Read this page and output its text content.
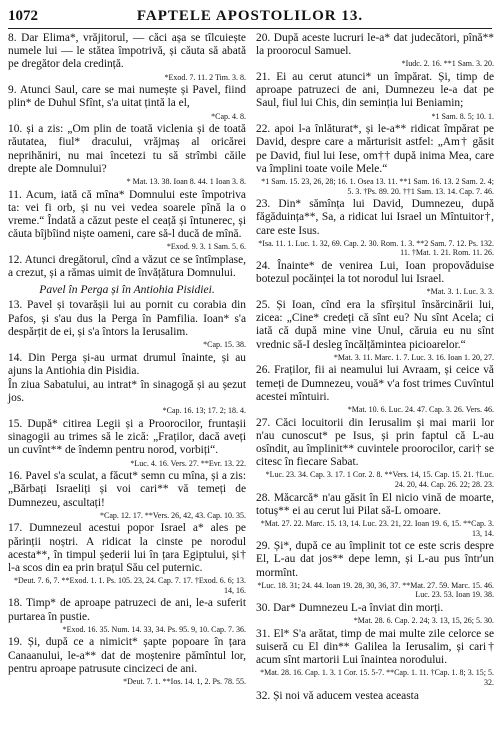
1072	FAPTELE APOSTOLILOR 13.

8. Dar Elima*, vrăjitorul, — căci așa se tîlcuiește numele lui — le stătea împotrivă, și căuta să abată pe dregător dela credință.

*Exod. 7. 11. 2 Tim. 3. 8.

9. Atunci Saul, care se mai numește și Pavel, fiind plin* de Duhul Sfînt, s'a uitat țintă la el,

*Cap. 4. 8.

10. și a zis: „Om plin de toată viclenia și de toată răutatea, fiul* dracului, vrăjmaș al oricărei neprihăniri, nu mai încetezi tu să strîmbi căile drepte ale Domnului?

* Mat. 13. 38. Ioan 8. 44. 1 Ioan 3. 8.

11. Acum, iată că mîna* Domnului este împotriva ta: vei fi orb, și nu vei vedea soarele pînă la o vreme.“ Îndată a căzut peste el ceață și întunerec, și căuta bîjbîind niște oameni, care să-l ducă de mînă.

*Exod. 9. 3. 1 Sam. 5. 6.

12. Atunci dregătorul, cînd a văzut ce se întîmplase, a crezut, și a rămas uimit de învățătura Domnului.

Pavel în Perga și în Antiohia Pisidiei.

13. Pavel și tovarășii lui au pornit cu corabia din Pafos, și s'au dus la Perga în Pamfilia. Ioan* s'a despărțit de ei, și s'a întors la Ierusalim.

*Cap. 15. 38.

14. Din Perga și-au urmat drumul înainte, și au ajuns la Antiohia din Pisidia.

În ziua Sabatului, au intrat* în sinagogă și au șezut jos.

*Cap. 16. 13; 17. 2; 18. 4.

15. După* citirea Legii și a Proorocilor, fruntașii sinagogii au trimes să le zică: „Fraților, dacă aveți un cuvînt** de îndemn pentru norod, vorbiți“.

*Luc. 4. 16. Vers. 27. **Evr. 13. 22.

16. Pavel s'a sculat, a făcut* semn cu mîna, și a zis: „Bărbați Israeliți și voi cari** vă temeți de Dumnezeu, ascultați!

*Cap. 12. 17. **Vers. 26, 42, 43. Cap. 10. 35.

17. Dumnezeul acestui popor Israel a* ales pe părinții noștri. A ridicat la cinste pe norodul acesta**, în timpul șederii lui în țara Egiptului, și† l-a scos din ea prin brațul Său cel puternic.

*Deut. 7. 6, 7. **Exod. 1. 1. Ps. 105. 23, 24. Cap. 7. 17. †Exod. 6. 6; 13. 14, 16.

18. Timp* de aproape patruzeci de ani, le-a suferit purtarea în pustie.

*Exod. 16. 35. Num. 14. 33, 34. Ps. 95. 9, 10. Cap. 7. 36.

19. Și, după ce a nimicit* șapte popoare în țara Canaanului, le-a** dat de moștenire pămîntul lor, pentru aproape patrusute cincizeci de ani.

*Deut. 7. 1. **Ios. 14. 1, 2. Ps. 78. 55.

20. După aceste lucruri le-a* dat judecători, pînă** la proorocul Samuel.

*Iudc. 2. 16. **1 Sam. 3. 20.

21. Ei au cerut atunci* un împărat. Și, timp de aproape patruzeci de ani, Dumnezeu le-a dat pe Saul, fiul lui Chis, din seminția lui Beniamin;

*1 Sam. 8. 5; 10. 1.

22. apoi l-a înlăturat*, și le-a** ridicat împărat pe David, despre care a mărturisit astfel: „Am† găsit pe David, fiul lui Iese, om†† după inima Mea, care va împlini toate voile Mele.“

*1 Sam. 15. 23, 26, 28; 16. 1. Osea 13. 11. **1 Sam. 16. 13. 2 Sam. 2. 4; 5. 3. †Ps. 89. 20. ††1 Sam. 13. 14. Cap. 7. 46.

23. Din* sămînța lui David, Dumnezeu, după făgăduința**, Sa, a ridicat lui Israel un Mîntuitor†, care este Isus.

*Isa. 11. 1. Luc. 1. 32, 69. Cap. 2. 30. Rom. 1. 3. **2 Sam. 7. 12. Ps. 132. 11. †Mat. 1. 21. Rom. 11. 26.

24. Înainte* de venirea Lui, Ioan propovăduise botezul pocăinței la tot norodul lui Israel.

*Mat. 3. 1. Luc. 3. 3.

25. Și Ioan, cînd era la sfîrșitul însărcinării lui, zicea: „Cine* credeți că sînt eu? Nu sînt Acela; ci iată că după mine vine Unul, căruia eu nu sînt vrednic să-I desleg încălțămintea picioarelor.“

*Mat. 3. 11. Marc. 1. 7. Luc. 3. 16. Ioan 1. 20, 27.

26. Fraților, fii ai neamului lui Avraam, și ceice vă temeți de Dumnezeu, vouă* v'a fost trimes Cuvîntul acestei mîntuiri.

*Mat. 10. 6. Luc. 24. 47. Cap. 3. 26. Vers. 46.

27. Căci locuitorii din Ierusalim și mai marii lor n'au cunoscut* pe Isus, și prin faptul că L-au osîndit, au împlinit** cuvintele proorocilor, cari† se citesc în fiecare Sabat.

*Luc. 23. 34. Cap. 3. 17. 1 Cor. 2. 8. **Vers. 14, 15. Cap. 15. 21. †Luc. 24. 20, 44. Cap. 26. 22; 28. 23.

28. Măcarcă* n'au găsit în El nicio vină de moarte, totuș** ei au cerut lui Pilat să-L omoare.

*Mat. 27. 22. Marc. 15. 13, 14. Luc. 23. 21, 22. Ioan 19. 6, 15. **Cap. 3. 13, 14.

29. Și*, după ce au împlinit tot ce este scris despre El, L-au dat jos** depe lemn, și L-au pus într'un mormînt.

*Luc. 18. 31; 24. 44. Ioan 19. 28, 30, 36, 37. **Mat. 27. 59. Marc. 15. 46. Luc. 23. 53. Ioan 19. 38.

30. Dar* Dumnezeu L-a înviat din morți.

*Mat. 28. 6. Cap. 2. 24; 3. 13, 15, 26; 5. 30.

31. El* S'a arătat, timp de mai multe zile celorce se suiseră cu El din** Galilea la Ierusalim, și cari† acum sînt martorii Lui înaintea norodului.

*Mat. 28. 16. Cap. 1. 3. 1 Cor. 15. 5-7. **Cap. 1. 11. †Cap. 1. 8; 3. 15; 5. 32.

32. Și noi vă aducem vestea aceasta
